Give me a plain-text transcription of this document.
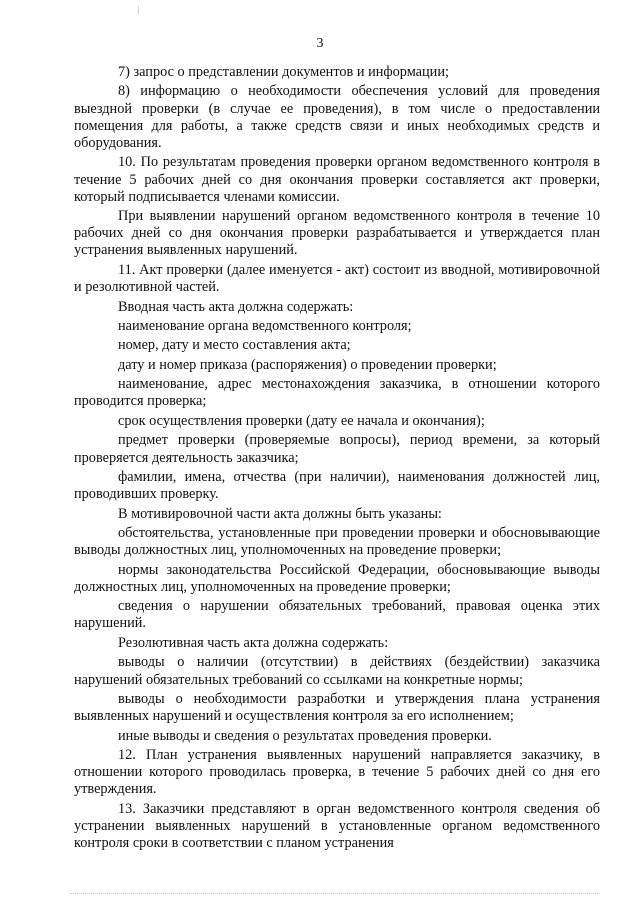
3

7) запрос о представлении документов и информации;

8) информацию о необходимости обеспечения условий для проведения выездной проверки (в случае ее проведения), в том числе о предоставлении помещения для работы, а также средств связи и иных необходимых средств и оборудования.

10. По результатам проведения проверки органом ведомственного контроля в течение 5 рабочих дней со дня окончания проверки составляется акт проверки, который подписывается членами комиссии.

При выявлении нарушений органом ведомственного контроля в течение 10 рабочих дней со дня окончания проверки разрабатывается и утверждается план устранения выявленных нарушений.

11. Акт проверки (далее именуется - акт) состоит из вводной, мотивировочной и резолютивной частей.

Вводная часть акта должна содержать:

наименование органа ведомственного контроля;

номер, дату и место составления акта;

дату и номер приказа (распоряжения) о проведении проверки;

наименование, адрес местонахождения заказчика, в отношении которого проводится проверка;

срок осуществления проверки (дату ее начала и окончания);

предмет проверки (проверяемые вопросы), период времени, за который проверяется деятельность заказчика;

фамилии, имена, отчества (при наличии), наименования должностей лиц, проводивших проверку.

В мотивировочной части акта должны быть указаны:

обстоятельства, установленные при проведении проверки и обосновывающие выводы должностных лиц, уполномоченных на проведение проверки;

нормы законодательства Российской Федерации, обосновывающие выводы должностных лиц, уполномоченных на проведение проверки;

сведения о нарушении обязательных требований, правовая оценка этих нарушений.

Резолютивная часть акта должна содержать:

выводы о наличии (отсутствии) в действиях (бездействии) заказчика нарушений обязательных требований со ссылками на конкретные нормы;

выводы о необходимости разработки и утверждения плана устранения выявленных нарушений и осуществления контроля за его исполнением;

иные выводы и сведения о результатах проведения проверки.

12. План устранения выявленных нарушений направляется заказчику, в отношении которого проводилась проверка, в течение 5 рабочих дней со дня его утверждения.

13. Заказчики представляют в орган ведомственного контроля сведения об устранении выявленных нарушений в установленные органом ведомственного контроля сроки в соответствии с планом устранения
